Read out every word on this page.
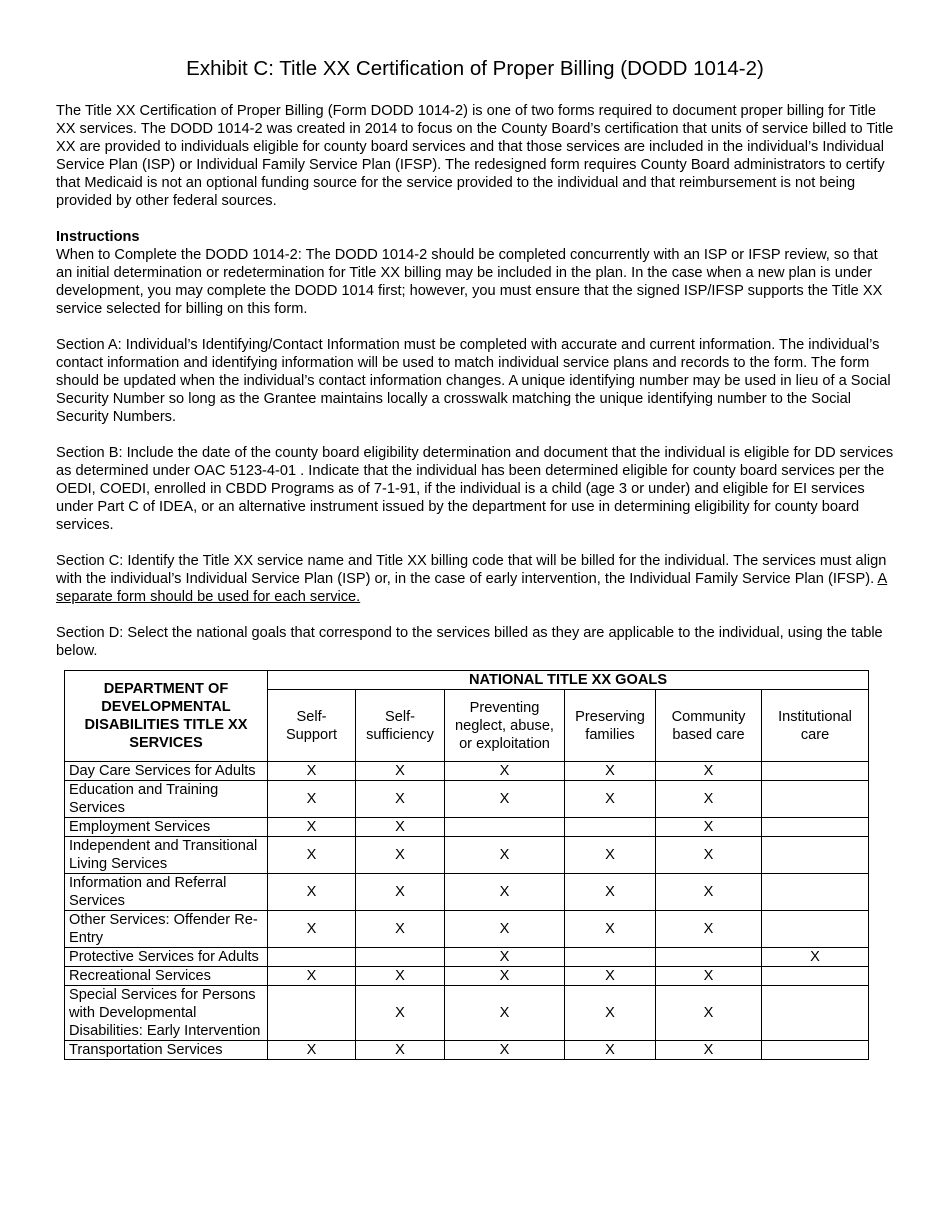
Exhibit C: Title XX Certification of Proper Billing (DODD 1014-2)

The Title XX Certification of Proper Billing (Form DODD 1014-2) is one of two forms required to document proper billing for Title XX services. The DODD 1014-2 was created in 2014 to focus on the County Board’s certification that units of service billed to Title XX are provided to individuals eligible for county board services and that those services are included in the individual’s Individual Service Plan (ISP) or Individual Family Service Plan (IFSP). The redesigned form requires County Board administrators to certify that Medicaid is not an optional funding source for the service provided to the individual and that reimbursement is not being provided by other federal sources.

Instructions

When to Complete the DODD 1014-2: The DODD 1014-2 should be completed concurrently with an ISP or IFSP review, so that an initial determination or redetermination for Title XX billing may be included in the plan. In the case when a new plan is under development, you may complete the DODD 1014 first; however, you must ensure that the signed ISP/IFSP supports the Title XX service selected for billing on this form.

Section A: Individual’s Identifying/Contact Information must be completed with accurate and current information. The individual’s contact information and identifying information will be used to match individual service plans and records to the form. The form should be updated when the individual’s contact information changes. A unique identifying number may be used in lieu of a Social Security Number so long as the Grantee maintains locally a crosswalk matching the unique identifying number to the Social Security Numbers.

Section B: Include the date of the county board eligibility determination and document that the individual is eligible for DD services as determined under OAC 5123-4-01 . Indicate that the individual has been determined eligible for county board services per the OEDI, COEDI, enrolled in CBDD Programs as of 7-1-91, if the individual is a child (age 3 or under) and eligible for EI services under Part C of IDEA, or an alternative instrument issued by the department for use in determining eligibility for county board services.

Section C: Identify the Title XX service name and Title XX billing code that will be billed for the individual. The services must align with the individual’s Individual Service Plan (ISP) or, in the case of early intervention, the Individual Family Service Plan (IFSP). A separate form should be used for each service.

Section D: Select the national goals that correspond to the services billed as they are applicable to the individual, using the table below.

DEPARTMENT OF DEVELOPMENTAL DISABILITIES TITLE XX SERVICES	NATIONAL TITLE XX GOALS					
	Self-Support	Self-sufficiency	Preventing neglect, abuse, or exploitation	Preserving families	Community based care	Institutional care
Day Care Services for Adults	X	X	X	X	X	
Education and Training Services	X	X	X	X	X	
Employment Services	X	X			X	
Independent and Transitional Living Services	X	X	X	X	X	
Information and Referral Services	X	X	X	X	X	
Other Services: Offender Re-Entry	X	X	X	X	X	
Protective Services for Adults			X			X
Recreational Services	X	X	X	X	X	
Special Services for Persons with Developmental Disabilities: Early Intervention		X	X	X	X	
Transportation Services	X	X	X	X	X	
